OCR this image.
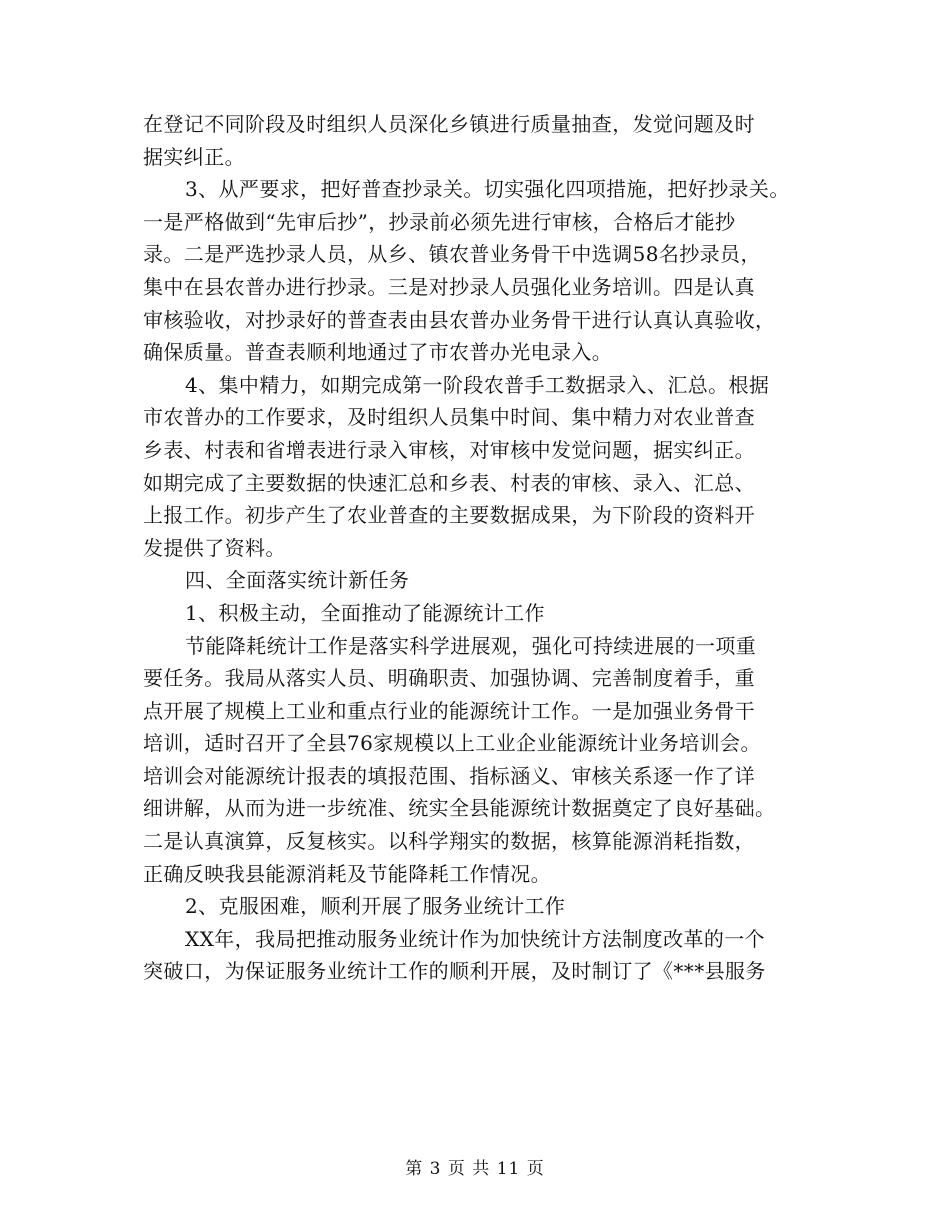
在登记不同阶段及时组织人员深化乡镇进行质量抽查，发觉问题及时
据实纠正。
3、从严要求，把好普查抄录关。切实强化四项措施，把好抄录关。
一是严格做到“先审后抄”，抄录前必须先进行审核，合格后才能抄
录。二是严选抄录人员，从乡、镇农普业务骨干中选调58名抄录员，
集中在县农普办进行抄录。三是对抄录人员强化业务培训。四是认真
审核验收，对抄录好的普查表由县农普办业务骨干进行认真认真验收，
确保质量。普查表顺利地通过了市农普办光电录入。
4、集中精力，如期完成第一阶段农普手工数据录入、汇总。根据
市农普办的工作要求，及时组织人员集中时间、集中精力对农业普查
乡表、村表和省增表进行录入审核，对审核中发觉问题，据实纠正。
如期完成了主要数据的快速汇总和乡表、村表的审核、录入、汇总、
上报工作。初步产生了农业普查的主要数据成果，为下阶段的资料开
发提供了资料。
四、全面落实统计新任务
1、积极主动，全面推动了能源统计工作
节能降耗统计工作是落实科学进展观，强化可持续进展的一项重
要任务。我局从落实人员、明确职责、加强协调、完善制度着手，重
点开展了规模上工业和重点行业的能源统计工作。一是加强业务骨干
培训，适时召开了全县76家规模以上工业企业能源统计业务培训会。
培训会对能源统计报表的填报范围、指标涵义、审核关系逐一作了详
细讲解，从而为进一步统准、统实全县能源统计数据奠定了良好基础。
二是认真演算，反复核实。以科学翔实的数据，核算能源消耗指数，
正确反映我县能源消耗及节能降耗工作情况。
2、克服困难，顺利开展了服务业统计工作
XX年，我局把推动服务业统计作为加快统计方法制度改革的一个
突破口，为保证服务业统计工作的顺利开展，及时制订了《***县服务
第 3 页 共 11 页
